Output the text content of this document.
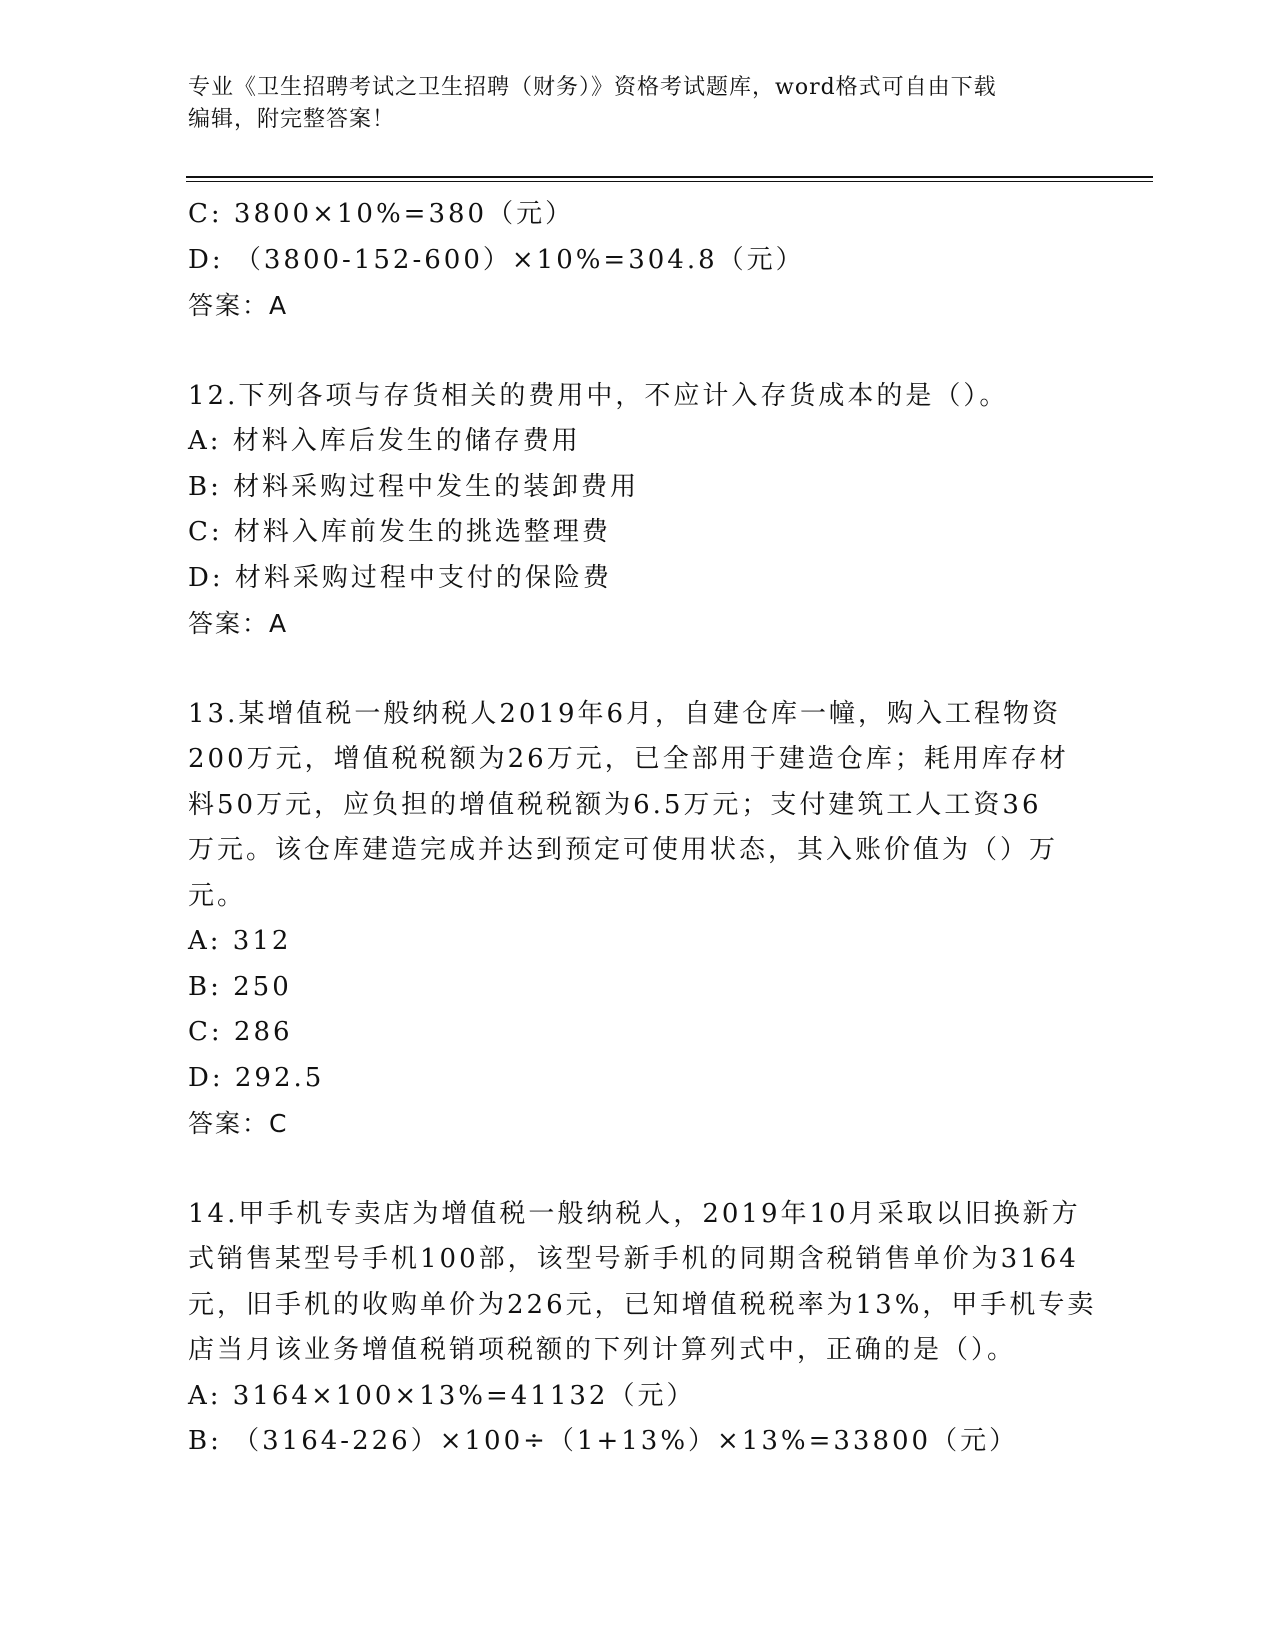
专业《卫生招聘考试之卫生招聘（财务）》资格考试题库，word格式可自由下载
编辑，附完整答案！
C: 3800×10%=380（元）
D: （3800-152-600）×10%=304.8（元）
答案：A
12.下列各项与存货相关的费用中，不应计入存货成本的是（）。
A: 材料入库后发生的储存费用
B: 材料采购过程中发生的装卸费用
C: 材料入库前发生的挑选整理费
D: 材料采购过程中支付的保险费
答案：A
13.某增值税一般纳税人2019年6月，自建仓库一幢，购入工程物资
200万元，增值税税额为26万元，已全部用于建造仓库；耗用库存材
料50万元，应负担的增值税税额为6.5万元；支付建筑工人工资36
万元。该仓库建造完成并达到预定可使用状态，其入账价值为（）万
元。
A: 312
B: 250
C: 286
D: 292.5
答案：C
14.甲手机专卖店为增值税一般纳税人，2019年10月采取以旧换新方
式销售某型号手机100部，该型号新手机的同期含税销售单价为3164
元，旧手机的收购单价为226元，已知增值税税率为13%，甲手机专卖
店当月该业务增值税销项税额的下列计算列式中，正确的是（）。
A: 3164×100×13%=41132（元）
B: （3164-226）×100÷（1+13%）×13%=33800（元）
